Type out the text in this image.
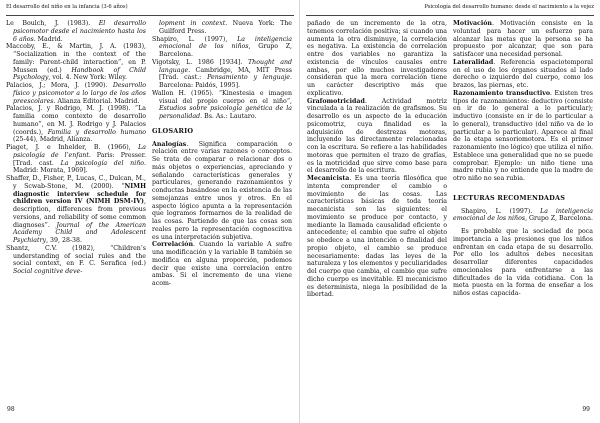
El desarrollo del niño en la infancia (3-6 años)

Le Boulch, J. (1983). El desarrollo psicomotor desde el nacimiento hasta los 6 años. Madrid.

Maccoby, E., & Martin, J. A. (1983), “Socialization in the context of the family: Parent-child interaction”, en P. Mussen (ed.) Handbook of Child Psychology, vol. 4. New York: Wiley.

Palacios, J.; Mora, J. (1990). Desarrollo físico y psicomotor a lo largo de los años preescolares. Alianza Editorial. Madrid.

Palacios, J. y Rodrigo, M. J. (1998). “La familia como contexto de desarrollo humano”, en M. J. Rodrigo y J. Palacios (coords.), Familia y desarrollo humano (25-44), Madrid, Alianza.

Piaget, J. e Inhelder, B. (1966), La psicología de l’enfant. Paris: Presser. [Trad. cast. La psicología del niño. Madrid: Morata, 1969].

Shaffer, D., Fisher, P., Lucas, C., Dulcan, M., y Scwab-Stone, M. (2000). “NIMH diagnostic interview schedule for children version IV (NIMH DSM-IV), description, differences from previous versions, and reliability of some common diagnoses”. Journal of the American Academy Child and Adolescent Psychiatry, 39, 28-38.

Shantz, C.V. (1982), “Children’s understanding of social rules and the social context, en F. C. Serafica (ed.) Social cognitive deve-

lopment in context. Nueva York: The Guilford Press.

Shapiro, L. (1997), La inteligencia emocional de los niños, Grupo Z, Barcelona.

Vigotsky, L. 1986 [1934]. Thought and language. Cambridge, MA, MIT Press [Trad. cast.: Pensamiento y lenguaje. Barcelona: Paidós, 1995].

Wallon H. (1965). “Kinestesia e imagen visual del propio cuerpo en el niño”, Estudios sobre psicología genética de la personalidad. Bs. As.: Lautaro.

GLOSARIO

Analogías. Significa comparación o relación entre varias razones o conceptos. Se trata de comparar o relacionar dos o más objetos o experiencias, apreciando y señalando características generales y particulares, generando razonamientos y conductas basándose en la existencia de las semejanzas entre unos y otros. En el aspecto lógico apunta a la representación que logramos formarnos de la realidad de las cosas. Partiendo de que las cosas son reales pero la representación cognoscitiva es una interpretación subjetiva.

Correlación. Cuando la variable A sufre una modificación y la variable B también se modifica en alguna proporción, podemos decir que existe una correlación entre ambas. Si el incremento de una viene acom-

98
Psicología del desarrollo humano: desde el nacimiento a la vejez

pañado de un incremento de la otra, tenemos correlación positiva; si cuando una aumenta la otra disminuye, la correlación es negativa. La existencia de correlación entre dos variables no garantiza la existencia de vínculos causales entre ambas, por ello muchos investigadores consideran que la mera correlación tiene un carácter descriptivo más que explicativo.

Grafomotricidad. Actividad motriz vinculada a la realización de grafismos. Su desarrollo es un aspecto de la educación psicomotriz, cuya finalidad es la adquisición de destrezas motoras, incluyendo las directamente relacionadas con la escritura. Se refiere a las habilidades motoras que permiten el trazo de grafías, es la motricidad que sirve como base para el desarrollo de la escritura.

Mecanicista. Es una teoría filosófica que intenta comprender el cambio o movimiento de las cosas. Las características básicas de toda teoría mecanicista son las siguientes: el movimiento se produce por contacto, y mediante la llamada causalidad eficiente o antecedente; el cambio que sufre el objeto se obedece a una intención o finalidad del propio objeto, el cambio se produce necesariamente: dadas las leyes de la naturaleza y los elementos y peculiaridades del cuerpo que cambia, el cambio que sufre dicho cuerpo es inevitable. El mecanicismo es determinista, niega la posibilidad de la libertad.

Motivación. Motivación consiste en la voluntad para hacer un esfuerzo para alcanzar las metas que la persona se ha propuesto por alcanzar, que son para satisfacer una necesidad personal.

Lateralidad. Referencia espaciotemporal en el uso de los órganos situados al lado derecho o izquierdo del cuerpo, como los brazos, las piernas, etc.

Razonamiento transductivo. Existen tres tipos de razonamientos: deductivo (consiste en ir de lo general a lo particular); inductivo (consiste en ir de lo particular a lo general), transductivo (del niño va de lo particular a lo particular). Aparece al final de la etapa sensoriomotora. Es el primer razonamiento (no lógico) que utiliza el niño. Establece una generalidad que no se puede comprobar. Ejemplo: un niño tiene una madre rubia y no entiende que la madre de otro niño no sea rubia.

LECTURAS RECOMENDADAS

Shapiro, L. (1997). La inteligencia emocional de los niños, Grupo Z, Barcelona.

Es probable que la sociedad de poca importancia a las presiones que los niños enfrentan en cada etapa de su desarrollo. Por ello los adultos debes necesitan desarrollar diferentes capacidades emocionales para enfrentarse a las dificultades de la vida cotidiana. Con la meta puesta en la forma de enseñar a los niños estas capacida-

99
